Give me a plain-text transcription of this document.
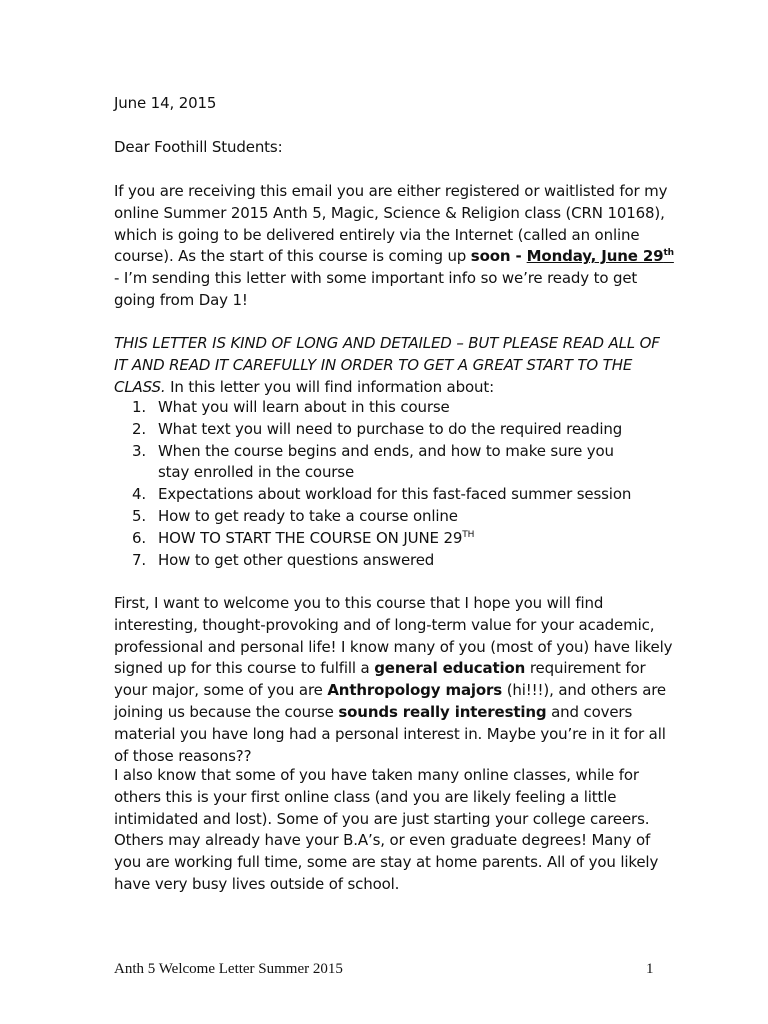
June 14, 2015

Dear Foothill Students:

If you are receiving this email you are either registered or waitlisted for my online Summer 2015 Anth 5, Magic, Science & Religion class (CRN 10168), which is going to be delivered entirely via the Internet (called an online course). As the start of this course is coming up soon - Monday, June 29th - I’m sending this letter with some important info so we’re ready to get going from Day 1!

THIS LETTER IS KIND OF LONG AND DETAILED – BUT PLEASE READ ALL OF IT AND READ IT CAREFULLY IN ORDER TO GET A GREAT START TO THE CLASS. In this letter you will find information about:

1. What you will learn about in this course
2. What text you will need to purchase to do the required reading
3. When the course begins and ends, and how to make sure you stay enrolled in the course
4. Expectations about workload for this fast-faced summer session
5. How to get ready to take a course online
6. HOW TO START THE COURSE ON JUNE 29TH
7. How to get other questions answered

First, I want to welcome you to this course that I hope you will find interesting, thought-provoking and of long-term value for your academic, professional and personal life! I know many of you (most of you) have likely signed up for this course to fulfill a general education requirement for your major, some of you are Anthropology majors (hi!!!), and others are joining us because the course sounds really interesting and covers material you have long had a personal interest in. Maybe you’re in it for all of those reasons??

I also know that some of you have taken many online classes, while for others this is your first online class (and you are likely feeling a little intimidated and lost). Some of you are just starting your college careers. Others may already have your B.A’s, or even graduate degrees! Many of you are working full time, some are stay at home parents. All of you likely have very busy lives outside of school.

Anth 5 Welcome Letter Summer 2015	1
